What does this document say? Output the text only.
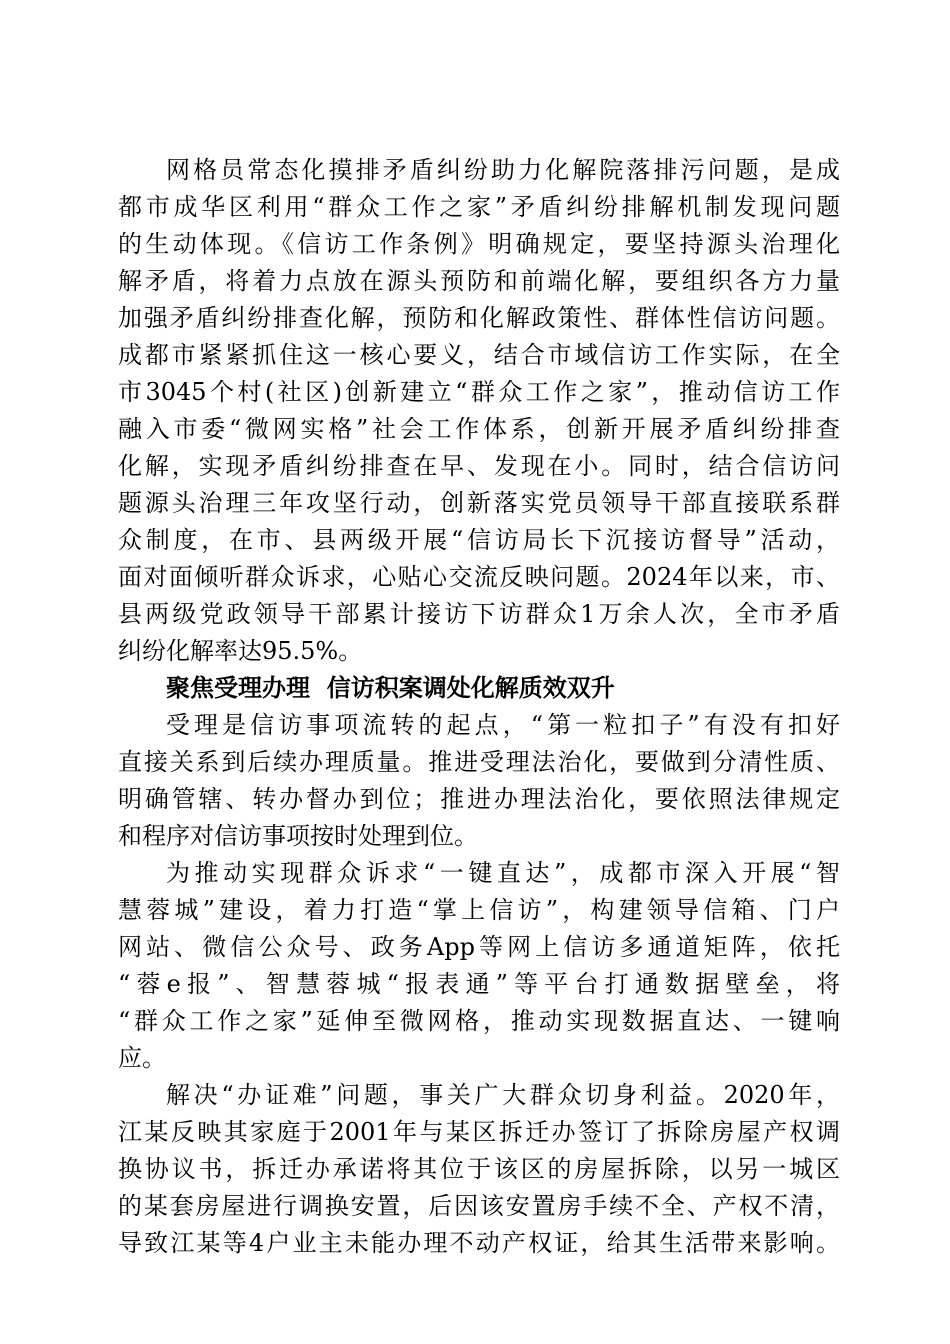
网格员常态化摸排矛盾纠纷助力化解院落排污问题，是成
都市成华区利用“群众工作之家”矛盾纠纷排解机制发现问题
的生动体现。《信访工作条例》明确规定，要坚持源头治理化
解矛盾，将着力点放在源头预防和前端化解，要组织各方力量
加强矛盾纠纷排查化解，预防和化解政策性、群体性信访问题。
成都市紧紧抓住这一核心要义，结合市域信访工作实际，在全
市3045个村(社区)创新建立“群众工作之家”，推动信访工作
融入市委“微网实格”社会工作体系，创新开展矛盾纠纷排查
化解，实现矛盾纠纷排查在早、发现在小。同时，结合信访问
题源头治理三年攻坚行动，创新落实党员领导干部直接联系群
众制度，在市、县两级开展“信访局长下沉接访督导”活动，
面对面倾听群众诉求，心贴心交流反映问题。2024年以来，市、
县两级党政领导干部累计接访下访群众1万余人次，全市矛盾
纠纷化解率达95.5%。

聚焦受理办理  信访积案调处化解质效双升

受理是信访事项流转的起点，“第一粒扣子”有没有扣好
直接关系到后续办理质量。推进受理法治化，要做到分清性质、
明确管辖、转办督办到位；推进办理法治化，要依照法律规定
和程序对信访事项按时处理到位。

为推动实现群众诉求“一键直达”，成都市深入开展“智
慧蓉城”建设，着力打造“掌上信访”，构建领导信箱、门户
网站、微信公众号、政务App等网上信访多通道矩阵，依托
“蓉e报”、智慧蓉城“报表通”等平台打通数据壁垒，将
“群众工作之家”延伸至微网格，推动实现数据直达、一键响
应。

解决“办证难”问题，事关广大群众切身利益。2020年，
江某反映其家庭于2001年与某区拆迁办签订了拆除房屋产权调
换协议书，拆迁办承诺将其位于该区的房屋拆除，以另一城区
的某套房屋进行调换安置，后因该安置房手续不全、产权不清，
导致江某等4户业主未能办理不动产权证，给其生活带来影响。
